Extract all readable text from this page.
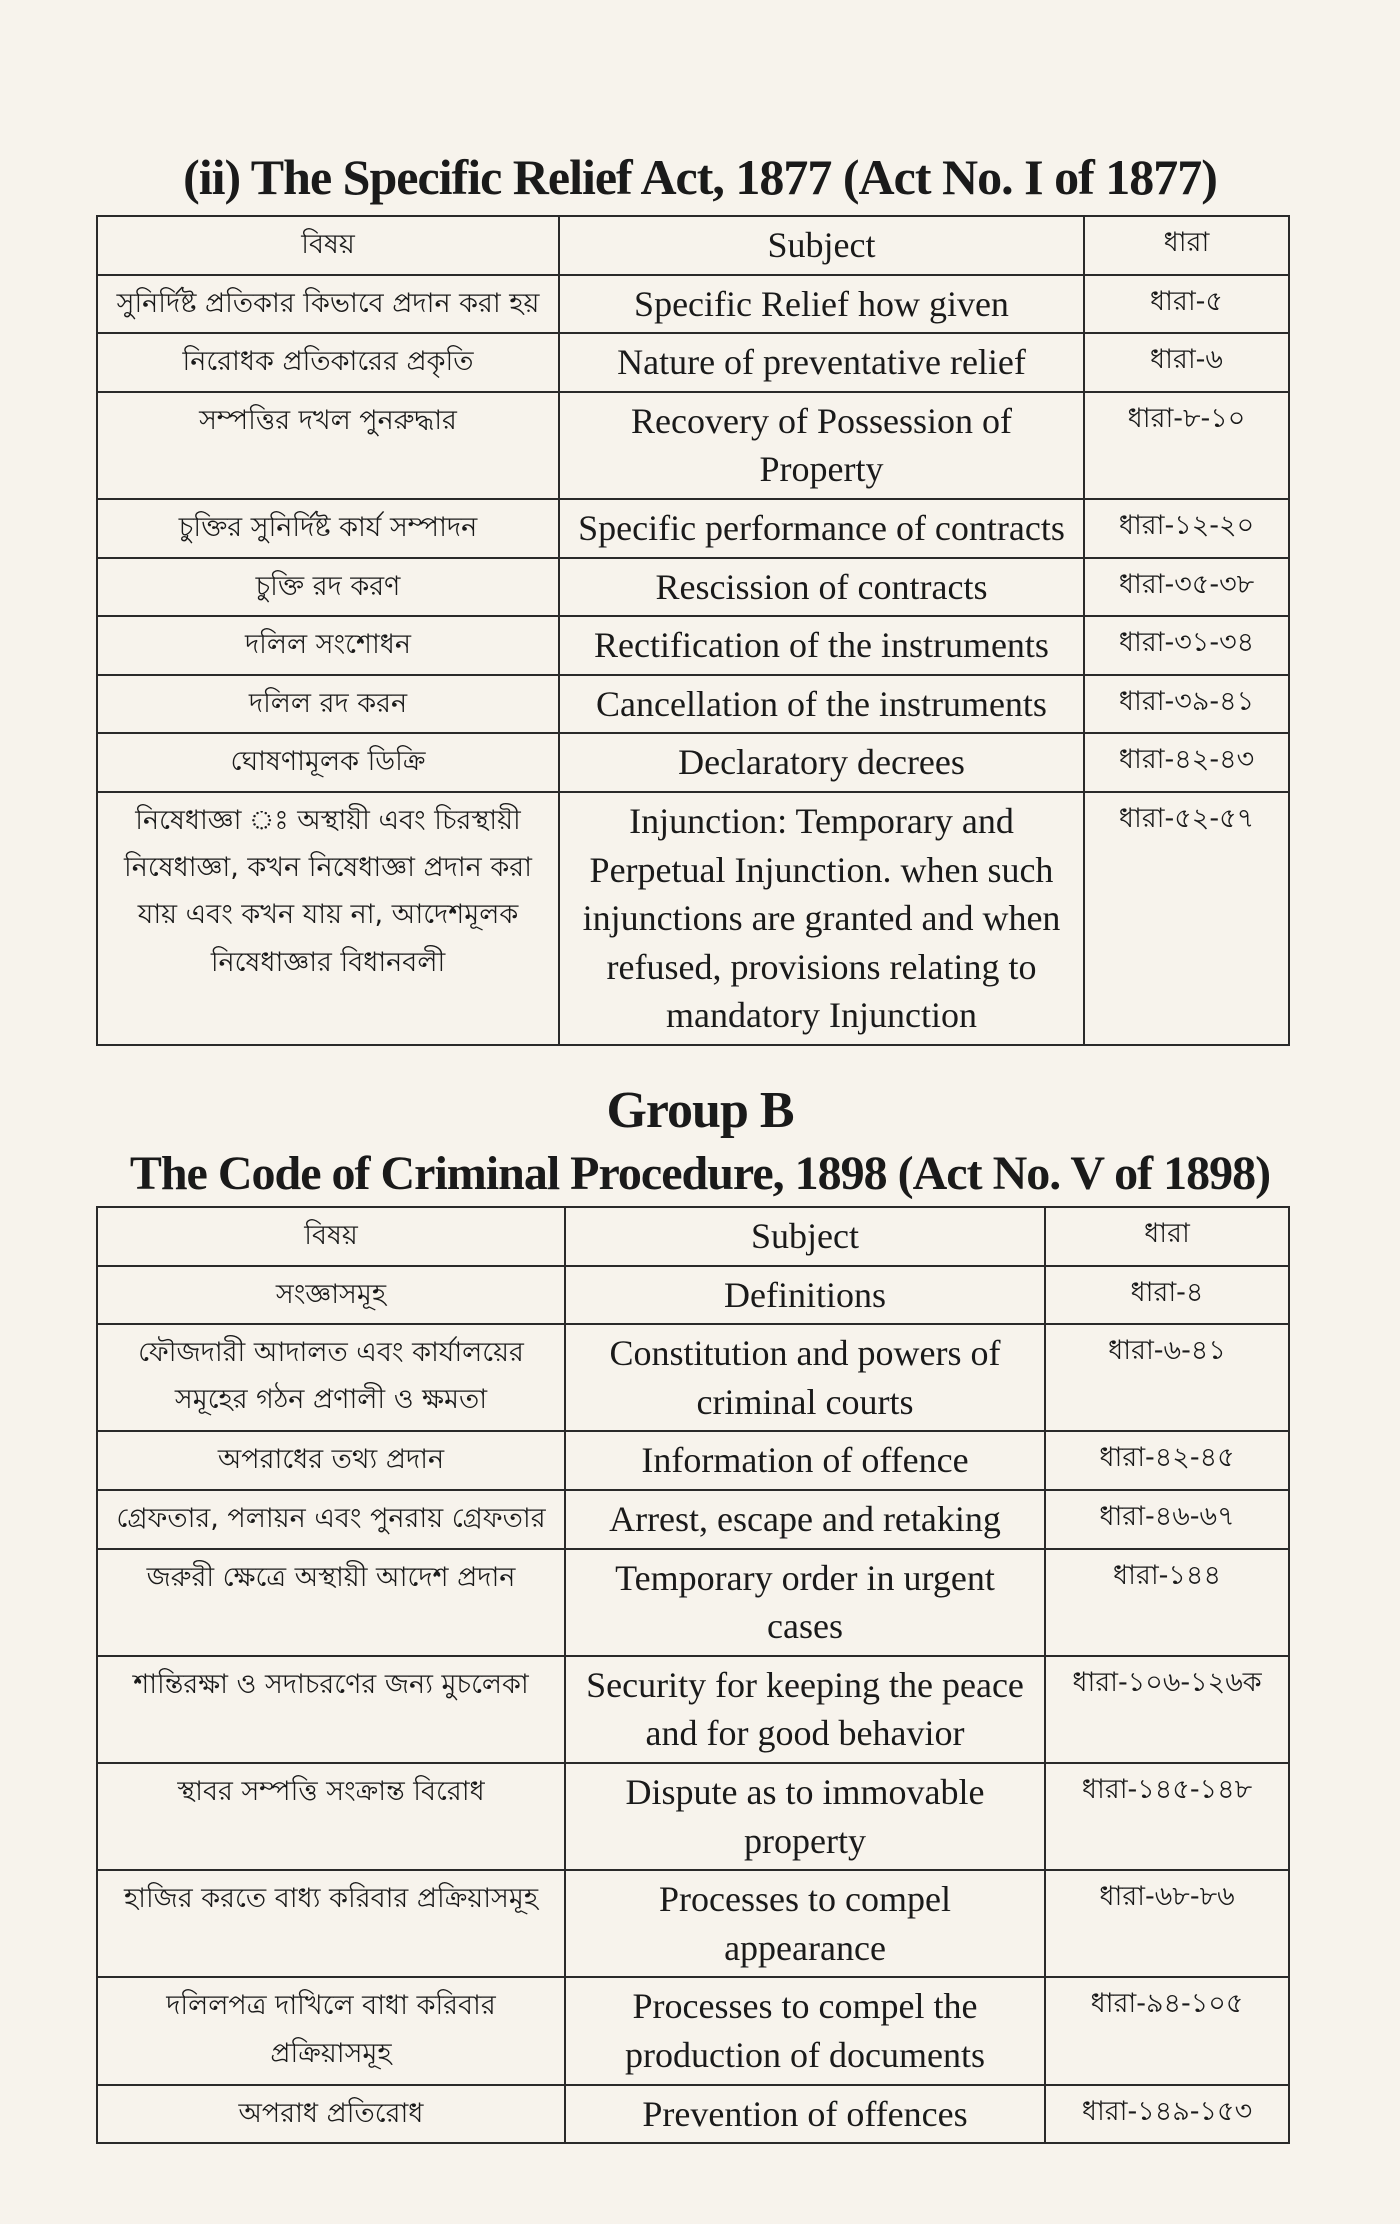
(ii) The Specific Relief Act, 1877 (Act No. I of 1877)
বিষয়	Subject	ধারা
সুনির্দিষ্ট প্রতিকার কিভাবে প্রদান করা হয়	Specific Relief how given	ধারা-৫
নিরোধক প্রতিকারের প্রকৃতি	Nature of preventative relief	ধারা-৬
সম্পত্তির দখল পুনরুদ্ধার	Recovery of Possession of Property	ধারা-৮-১০
চুক্তির সুনির্দিষ্ট কার্য সম্পাদন	Specific performance of contracts	ধারা-১২-২০
চুক্তি রদ করণ	Rescission of contracts	ধারা-৩৫-৩৮
দলিল সংশোধন	Rectification of the instruments	ধারা-৩১-৩৪
দলিল রদ করন	Cancellation of the instruments	ধারা-৩৯-৪১
ঘোষণামূলক ডিক্রি	Declaratory decrees	ধারা-৪২-৪৩
নিষেধাজ্ঞা ঃ অস্থায়ী এবং চিরস্থায়ী নিষেধাজ্ঞা, কখন নিষেধাজ্ঞা প্রদান করা যায় এবং কখন যায় না, আদেশমূলক নিষেধাজ্ঞার বিধানবলী	Injunction: Temporary and Perpetual Injunction. when such injunctions are granted and when refused, provisions relating to mandatory Injunction	ধারা-৫২-৫৭
Group B
The Code of Criminal Procedure, 1898 (Act No. V of 1898)
বিষয়	Subject	ধারা
সংজ্ঞাসমূহ	Definitions	ধারা-৪
ফৌজদারী আদালত এবং কার্যালয়ের সমূহের গঠন প্রণালী ও ক্ষমতা	Constitution and powers of criminal courts	ধারা-৬-৪১
অপরাধের তথ্য প্রদান	Information of offence	ধারা-৪২-৪৫
গ্রেফতার, পলায়ন এবং পুনরায় গ্রেফতার	Arrest, escape and retaking	ধারা-৪৬-৬৭
জরুরী ক্ষেত্রে অস্থায়ী আদেশ প্রদান	Temporary order in urgent cases	ধারা-১৪৪
শান্তিরক্ষা ও সদাচরণের জন্য মুচলেকা	Security for keeping the peace and for good behavior	ধারা-১০৬-১২৬ক
স্থাবর সম্পত্তি সংক্রান্ত বিরোধ	Dispute as to immovable property	ধারা-১৪৫-১৪৮
হাজির করতে বাধ্য করিবার প্রক্রিয়াসমূহ	Processes to compel appearance	ধারা-৬৮-৮৬
দলিলপত্র দাখিলে বাধা করিবার প্রক্রিয়াসমূহ	Processes to compel the production of documents	ধারা-৯৪-১০৫
অপরাধ প্রতিরোধ	Prevention of offences	ধারা-১৪৯-১৫৩
